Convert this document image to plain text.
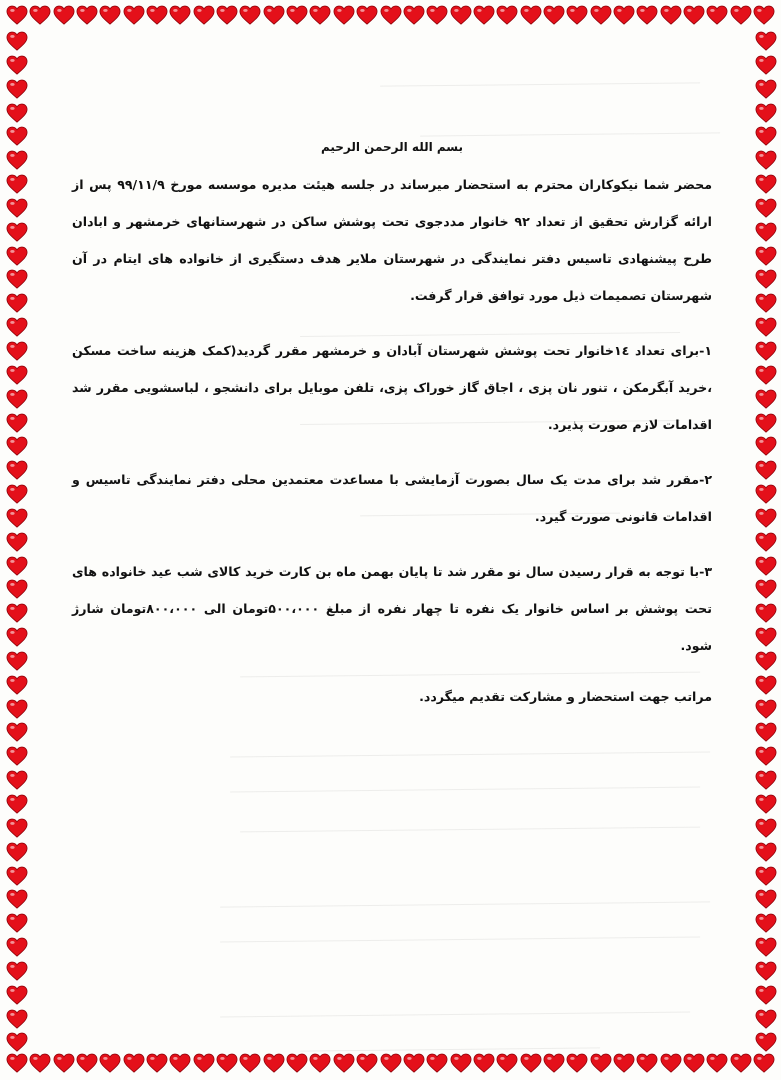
بسم الله الرحمن الرحيم

محضر شما نیکوکاران محترم به استحضار میرساند در جلسه هیئت مدیره موسسه مورخ ۹۹/۱۱/۹ پس از ارائه گزارش تحقیق از تعداد ۹۲ خانوار مددجوی تحت پوشش ساکن در شهرستانهای خرمشهر و ابادان طرح پیشنهادی تاسیس دفتر نمایندگی در شهرستان ملایر هدف دستگیری از خانواده های ایتام در آن شهرستان تصمیمات ذیل مورد توافق قرار گرفت.

۱-برای تعداد ۱٤خانوار تحت پوشش شهرستان آبادان و خرمشهر مقرر گردید(کمک هزینه ساخت مسکن ،خرید آبگرمکن ، تنور نان پزی ، اجاق گاز خوراک پزی، تلفن موبایل برای دانشجو ، لباسشویی مقرر شد اقدامات لازم صورت پذیرد.

۲-مقرر شد برای مدت یک سال بصورت آزمایشی با مساعدت معتمدین محلی دفتر نمایندگی تاسیس و اقدامات قانونی صورت گیرد.

۳-با توجه به قرار رسیدن سال نو مقرر شد تا پایان بهمن ماه بن کارت خرید کالای شب عید خانواده های تحت پوشش بر اساس خانوار یک نفره تا چهار نفره از مبلغ ۵۰۰،۰۰۰تومان الی ۸۰۰،۰۰۰تومان شارژ شود.

مراتب جهت استحضار و مشارکت تقدیم میگردد.
